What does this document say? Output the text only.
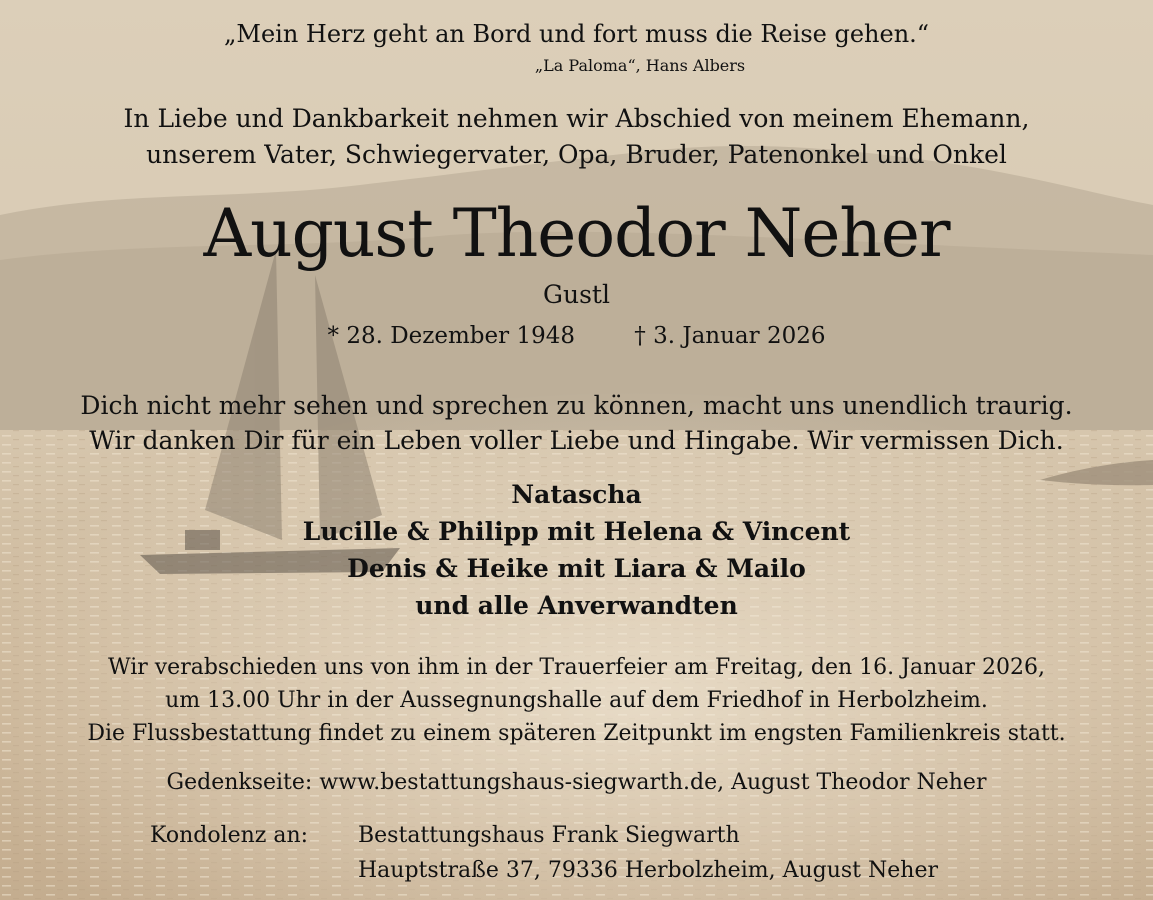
„Mein Herz geht an Bord und fort muss die Reise gehen.“
„La Paloma“, Hans Albers
In Liebe und Dankbarkeit nehmen wir Abschied von meinem Ehemann,
unserem Vater, Schwiegervater, Opa, Bruder, Patenonkel und Onkel
August Theodor Neher
Gustl
* 28. Dezember 1948	† 3. Januar 2026
Dich nicht mehr sehen und sprechen zu können, macht uns unendlich traurig.
Wir danken Dir für ein Leben voller Liebe und Hingabe. Wir vermissen Dich.
Natascha
Lucille & Philipp mit Helena & Vincent
Denis & Heike mit Liara & Mailo
und alle Anverwandten
Wir verabschieden uns von ihm in der Trauerfeier am Freitag, den 16. Januar 2026,
um 13.00 Uhr in der Aussegnungshalle auf dem Friedhof in Herbolzheim.
Die Flussbestattung findet zu einem späteren Zeitpunkt im engsten Familienkreis statt.
Gedenkseite: www.bestattungshaus-siegwarth.de, August Theodor Neher
Kondolenz an: Bestattungshaus Frank Siegwarth
Hauptstraße 37, 79336 Herbolzheim, August Neher
